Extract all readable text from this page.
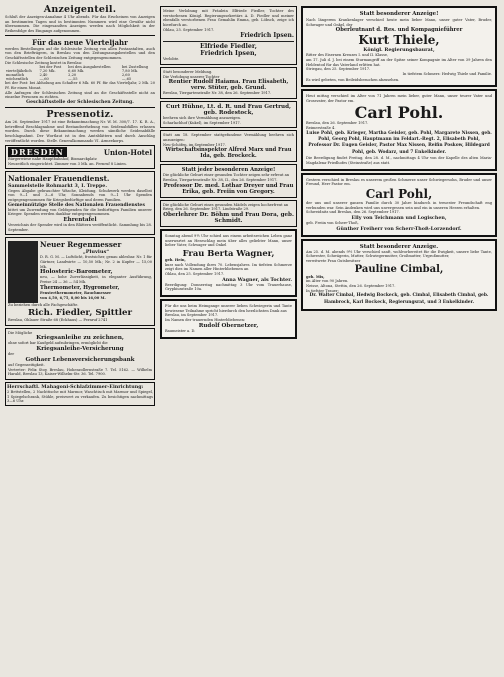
Anzeigenteil.

Schluß der Anzeigen-Annahme 4 Uhr abends. Für das Erscheinen von Anzeigen an bestimmten Tagen und in bestimmten Nummern wird eine Gewähr nicht übernommen. Die eingesandten Anzeigen werden nach Möglichkeit in der Reihenfolge des Eingangs aufgenommen.

Für das neue Vierteljahr

werden Bestellungen auf die Schlesische Zeitung von allen Postanstalten, auch von den Briefträgern, in Breslau von den Zeitungsausgabestellen und den Geschäftsstellen der Schlesischen Zeitung entgegengenommen.

Die Schlesische Zeitung kostet in Breslau:

	bei der Post	bei den Ausgabestellen	bei Zustellung
vierteljährlich	7,20 Mk.	6,60 Mk.	7,80 Mk.
monatlich	2,40	2,20	2,60
wöchentlich	—,60	—,55	—,65

bei der Post: bei Abholung am Schalter 6 Mk. 60 Pf. für das Vierteljahr, 2 Mk. 20 Pf. für einen Monat.

Alle Anfragen der Schlesischen Zeitung sind an die Geschäftsstelle nicht an einzelne Personen zu richten.

Geschäftsstelle der Schlesischen Zeitung.
Pressenotiz.

Am 26. September 1917 ist eine Bekanntmachung Nr. W. M. 300/7. 17. K. R. A., betreffend Beschlagnahme und Bestandserhebung von Seidenabfällen erlassen worden. Durch diese Bekanntmachung werden sämtliche Seidenabfälle beschlagnahmt. Der Wortlaut ist in den Amtsblättern und durch Anschlag veröffentlicht worden. Stellv. Generalkommando VI. Armeekorps.

DRESDEN	Union-Hotel
Bürgerwiese nahe Hauptbahnhof, Bismarckplatz
Neuzeitlich eingerichtet. Zimmer von 3 Mk. an. Fernruf 8 Linien.
Nationaler Frauendienst.
Sammelstelle Rohmarkt 3, I. Treppe.

Gegen Abgabe gebrauchter Wäsche, Kleidung, Schuhwerk werden daselbst von 9—1 und 3—6 Uhr, Sonnabends von 9—1 Uhr Spenden entgegengenommen für Kriegsbedürftige und deren Familien.

Gemeinnützige Stelle des Nationalen Frauendienstes

bittet um Zuwendung von Geldspenden für die bedürftigen Familien unserer Krieger. Spenden werden dankbar entgegengenommen.

Ehrentafel

Verzeichnis der Spender wird in den Blättern veröffentlicht. Sammlung bis 28. September.

Neuer Regenmesser
„Pluvius“

D. R. G. M. — Luftdicht, frostsicher, genau ablesbar. Nr. 1 für Gärtner, Landwirte — 10,50 Mk.; Nr. 2 in Kupfer — 15,00 Mk.

Holosteric-Barometer,

neu, — hohe Zuverlässigkeit, in eleganter Ausführung, Preise 24 — 36 — 54 Mk.

Thermometer, Hygrometer,
Fensterthermometer, Rauchmesser
von 4,50, 6,75, 8,00 bis 16,00 M.
Zu beziehen durch alle Fachgeschäfte.
Rich. Fiedler, Spittler
Breslau, Ohlauer Straße 68 (Eckhaus) — Fernruf 2741
Die Mögliche
Kriegsanleihe zu zeichnen,
ohne sofort bar Kaufgeld aufzubringen, ermöglicht die
Kriegsanleihe-Versicherung
der
Gothaer Lebensversicherungsbank
auf Gegenseitigkeit.

Vertreter: Felix Stoy, Breslau, Hohenzollernstraße 7. Tel. 5162. — Wilhelm Harald, Breslau 13, Kaiser-Wilhelm-Str. 36. Tel. 7900.

Herrschaftl. Mahagoni-Schlafzimmer-Einrichtung:

2 Bettstellen, 2 Nachttische mit Marmor, Waschtisch mit Marmor und Spiegel, 1 Spiegelschrank, Stühle, preiswert zu verkaufen. Zu besichtigen nachmittags 3—6 Uhr.

Meine Verlobung mit Fräulein Elfriede Fiedler, Tochter des verstorbenen Königl. Regierungssekretärs A. D. Fiedler und meiner ebenfalls verstorbenen Frau Gemahlin Emma, geb. Löbsch, zeige ich hierdurch an.

Ohlau, 25. September 1917.
Friedrich Ipsen.
Elfriede Fiedler,
Friedrich Ipsen,
Verlobte.
Statt besonderer Meldung.
Die Verlobung unserer Tochter
Rentier Rudolf Haiama. Frau Elisabeth, verw. Stüter, geb. Grund.
Breslau, Tiergartenstraße Nr. 38, den 26. September 1917.
Curt Hühne, Lt. d. R. und Frau Gertrud, geb. Rodestock,
beehren sich ihre Vermählung anzuzeigen.
Scharlachhof (Kukel), im September 1917.
Statt am 18. September stattgefundene Vermählung beehren sich anzuzeigen:
Neu-Schöfen, im September 1917.
Wirtschaftsinspektor Alfred Marx und Frau Ida, geb. Brockeck.
Statt jeder besonderen Anzeige!
Die glückliche Geburt einer gesunden Tochter zeigen sehr erfreut an
Breslau, Tiergartenstraße Nr. 38, II., den 26. September 1917.
Professor Dr. med. Lothar Dreyer und Frau Erika, geb. Freiin von Gregory.
Die glückliche Geburt eines gesunden Mädels zeigen hocherfreut an
Brieg, den 26. September 1917. Lindstraße 29.
Oberlehrer Dr. Böhm und Frau Dora, geb. Schmidt.

Sonntag abend 9½ Uhr schied aus einem arbeitsreichen Leben ganz unerwartet an Herzschlag mein über alles geliebter Mann, unser lieber Vater, Schwager und Onkel

Frau Berta Wagner,
geb. Hein,

kurz nach Vollendung ihres 70. Lebensjahres. Im tiefsten Schmerze zeigt dies im Namen aller Hinterbliebenen an

Ohlau, den 25. September 1917.
Anna Wagner, als Tochter.

Beerdigung: Donnerstag nachmittag 3 Uhr vom Trauerhause, Gryphiusstraße 10a.

Für die uns beim Heimgange unserer lieben Schwiegerin und Tante bewiesene Teilnahme spricht hierdurch den herzlichsten Dank aus

Breslau, im September 1917.
Im Namen der trauernden Hinterbliebenen:
Rudolf Obernetzer,
Baumeister a. D.
Statt besonderer Anzeige!

Nach längerem Krankenlager verschied heute mein lieber Mann, unser guter Vater, Bruder, Schwager und Onkel, der

Oberleutnant d. Res. und Kompagnieführer
Kurt Thiele,
Königl. Regierungsbaurat,
Ritter des Eisernen Kreuzes I. und II. Klasse,

am 17. Juli d. J. bei einem Sturmangriff an der Spitze seiner Kompagnie im Alter von 39 Jahren den Heldentod für das Vaterland erlitten hat.

Striegau, den 25. September 1917.
In tiefstem Schmerz: Hedwig Thiele und Familie.
Es wird gebeten, von Beileidsbesuchen abzusehen.

Heut mittag verschied im Alter von 71 Jahren mein lieber, guter Mann, unser teurer Vater und Grossvater, der Pastor em.

Carl Pohl.
Breslau, den 26. September 1917.
Reimerstraße 4.

Luise Pohl, geb. Krieger, Martha Geisler, geb. Pohl, Margarete Nissen, geb. Pohl, Georg Pohl, Hauptmann im Feldart.-Regt. 2, Elisabeth Pohl, Professor Dr. Eugen Geisler, Pastor Max Nissen, Reifin Poskow, Hildegard Pohl, geb. Wodarz, und 7 Enkelkinder.

Die Beerdigung findet Freitag, den 28. d. M., nachmittags 4 Uhr von der Kapelle des alten Maria-Magdalena-Friedhofes (Steinstraße) aus statt.

Gestern verschied in Breslau es unserem großen Schmerze unser Schwiegersohn, Bruder und unser Freund, Herr Pastor em.

Carl Pohl,

der uns und unserer ganzen Familie durch 30 Jahre hindurch in treuester Freundschaft eng verbunden war. Sein Andenken wird uns unvergessen sein und ein in unseren Herzen erhalten.

Schweidnitz und Breslau, den 26. September 1917.
Elly von Teichmann und Logischen,
geb. Freiin von Scherr-Thoß,
Günther Freiherr von Scherr-Thoß-Lorzendorf.
Statt besonderer Anzeige.

Am 25. d. M. abends 9½ Uhr verschied sanft, wohlvorbereitet für die Ewigkeit, unsere liebe Tante, Schwester, Schwägerin, Mutter, Schwiegermutter, Großmutter, Urgroßmutter,

verwitwete Frau Gutsbesitzer
Pauline Cimbal,
geb. Mix,
im Alter von 90 Jahren.
Neisse, Altona, Stettin, den 26. September 1917.
In tiefster Trauer:

Dr. Walter Cimbal, Hedwig Bockeck, geb. Cimbal, Elisabeth Cimbal, geb. Hambrock, Karl Bockeck, Regierungsrat, und 3 Enkelkinder.
